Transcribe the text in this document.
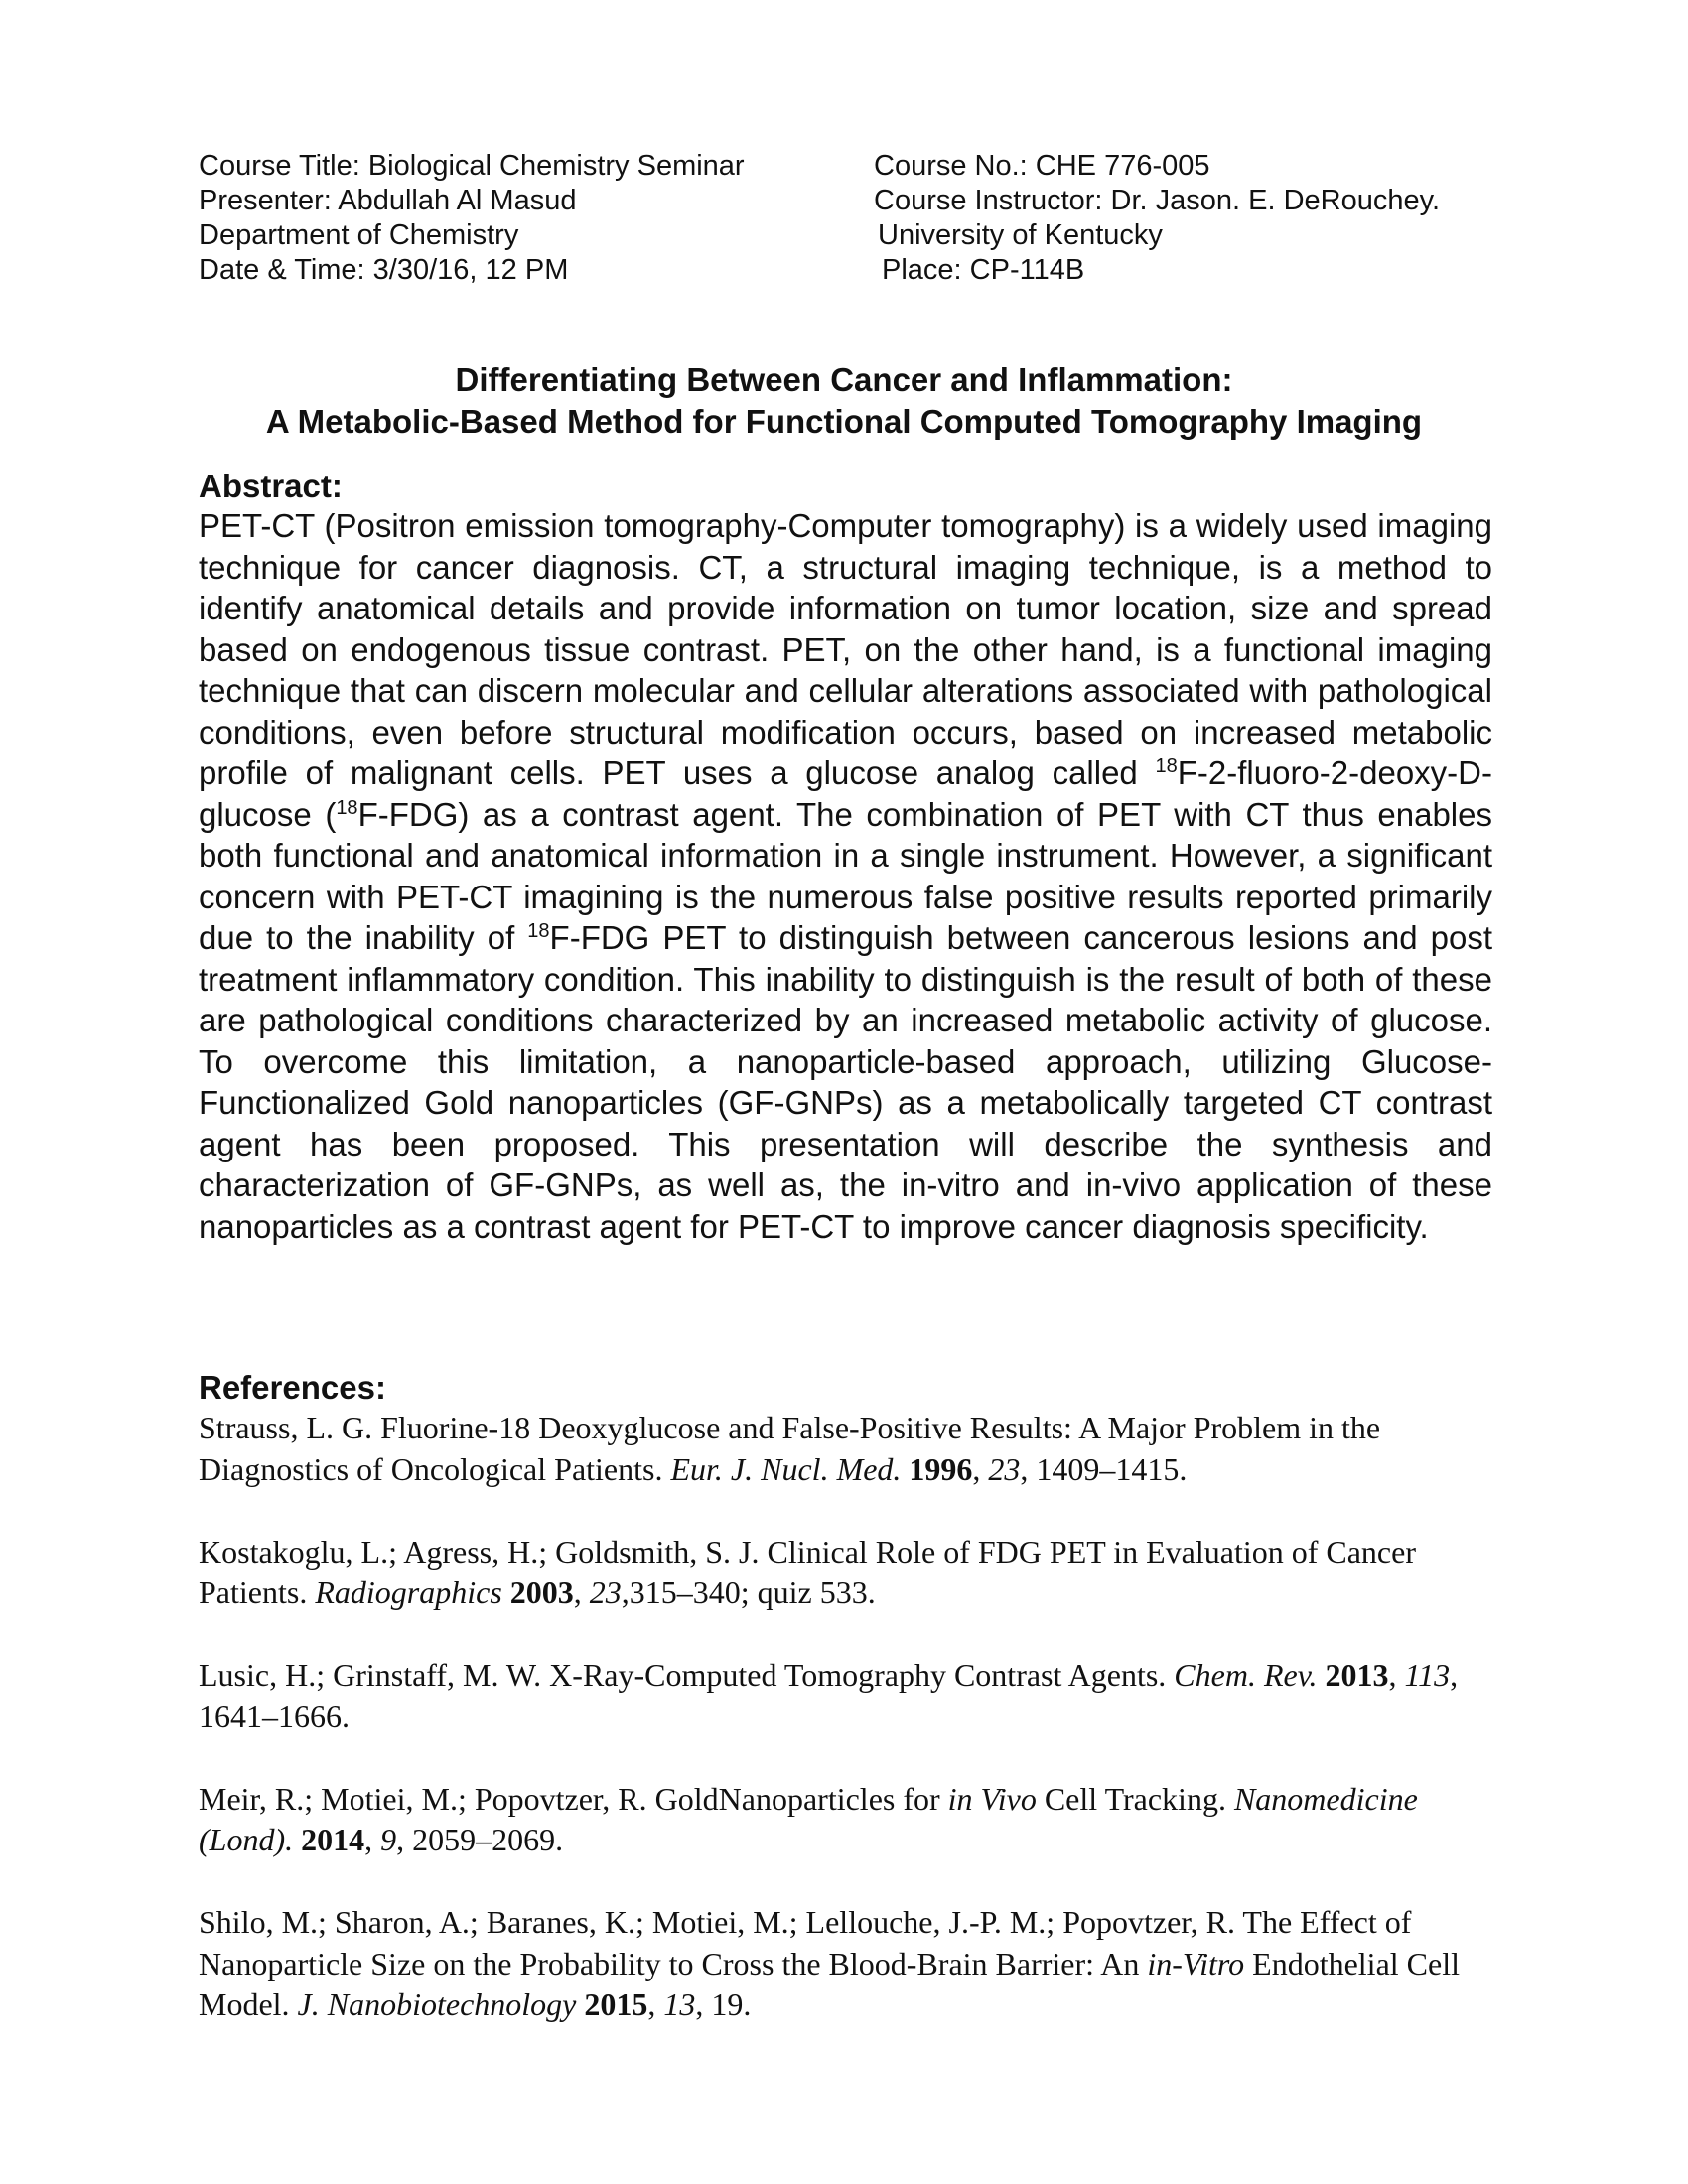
Course Title: Biological Chemistry Seminar
Presenter: Abdullah Al Masud
Department of Chemistry
Date & Time: 3/30/16, 12 PM
Course No.: CHE 776-005
Course Instructor: Dr. Jason. E. DeRouchey.
University of Kentucky
Place: CP-114B
Differentiating Between Cancer and Inflammation:
A Metabolic-Based Method for Functional Computed Tomography Imaging
Abstract:
PET-CT (Positron emission tomography-Computer tomography) is a widely used imaging technique for cancer diagnosis. CT, a structural imaging technique, is a method to identify anatomical details and provide information on tumor location, size and spread based on endogenous tissue contrast. PET, on the other hand, is a functional imaging technique that can discern molecular and cellular alterations associated with pathological conditions, even before structural modification occurs, based on increased metabolic profile of malignant cells. PET uses a glucose analog called $^{18}$F-2-fluoro-2-deoxy-D-glucose ($^{18}$F-FDG) as a contrast agent. The combination of PET with CT thus enables both functional and anatomical information in a single instrument. However, a significant concern with PET-CT imagining is the numerous false positive results reported primarily due to the inability of $^{18}$F-FDG PET to distinguish between cancerous lesions and post treatment inflammatory condition. This inability to distinguish is the result of both of these are pathological conditions characterized by an increased metabolic activity of glucose. To overcome this limitation, a nanoparticle-based approach, utilizing Glucose-Functionalized Gold nanoparticles (GF-GNPs) as a metabolically targeted CT contrast agent has been proposed. This presentation will describe the synthesis and characterization of GF-GNPs, as well as, the in-vitro and in-vivo application of these nanoparticles as a contrast agent for PET-CT to improve cancer diagnosis specificity.
References:

Strauss, L. G. Fluorine-18 Deoxyglucose and False-Positive Results: A Major Problem in the Diagnostics of Oncological Patients. Eur. J. Nucl. Med. 1996, 23, 1409–1415.

Kostakoglu, L.; Agress, H.; Goldsmith, S. J. Clinical Role of FDG PET in Evaluation of Cancer Patients. Radiographics 2003, 23,315–340; quiz 533.

Lusic, H.; Grinstaff, M. W. X-Ray-Computed Tomography Contrast Agents. Chem. Rev. 2013, 113, 1641–1666.

Meir, R.; Motiei, M.; Popovtzer, R. GoldNanoparticles for in Vivo Cell Tracking. Nanomedicine (Lond). 2014, 9, 2059–2069.

Shilo, M.; Sharon, A.; Baranes, K.; Motiei, M.; Lellouche, J.-P. M.; Popovtzer, R. The Effect of Nanoparticle Size on the Probability to Cross the Blood-Brain Barrier: An in-Vitro Endothelial Cell Model. J. Nanobiotechnology 2015, 13, 19.
